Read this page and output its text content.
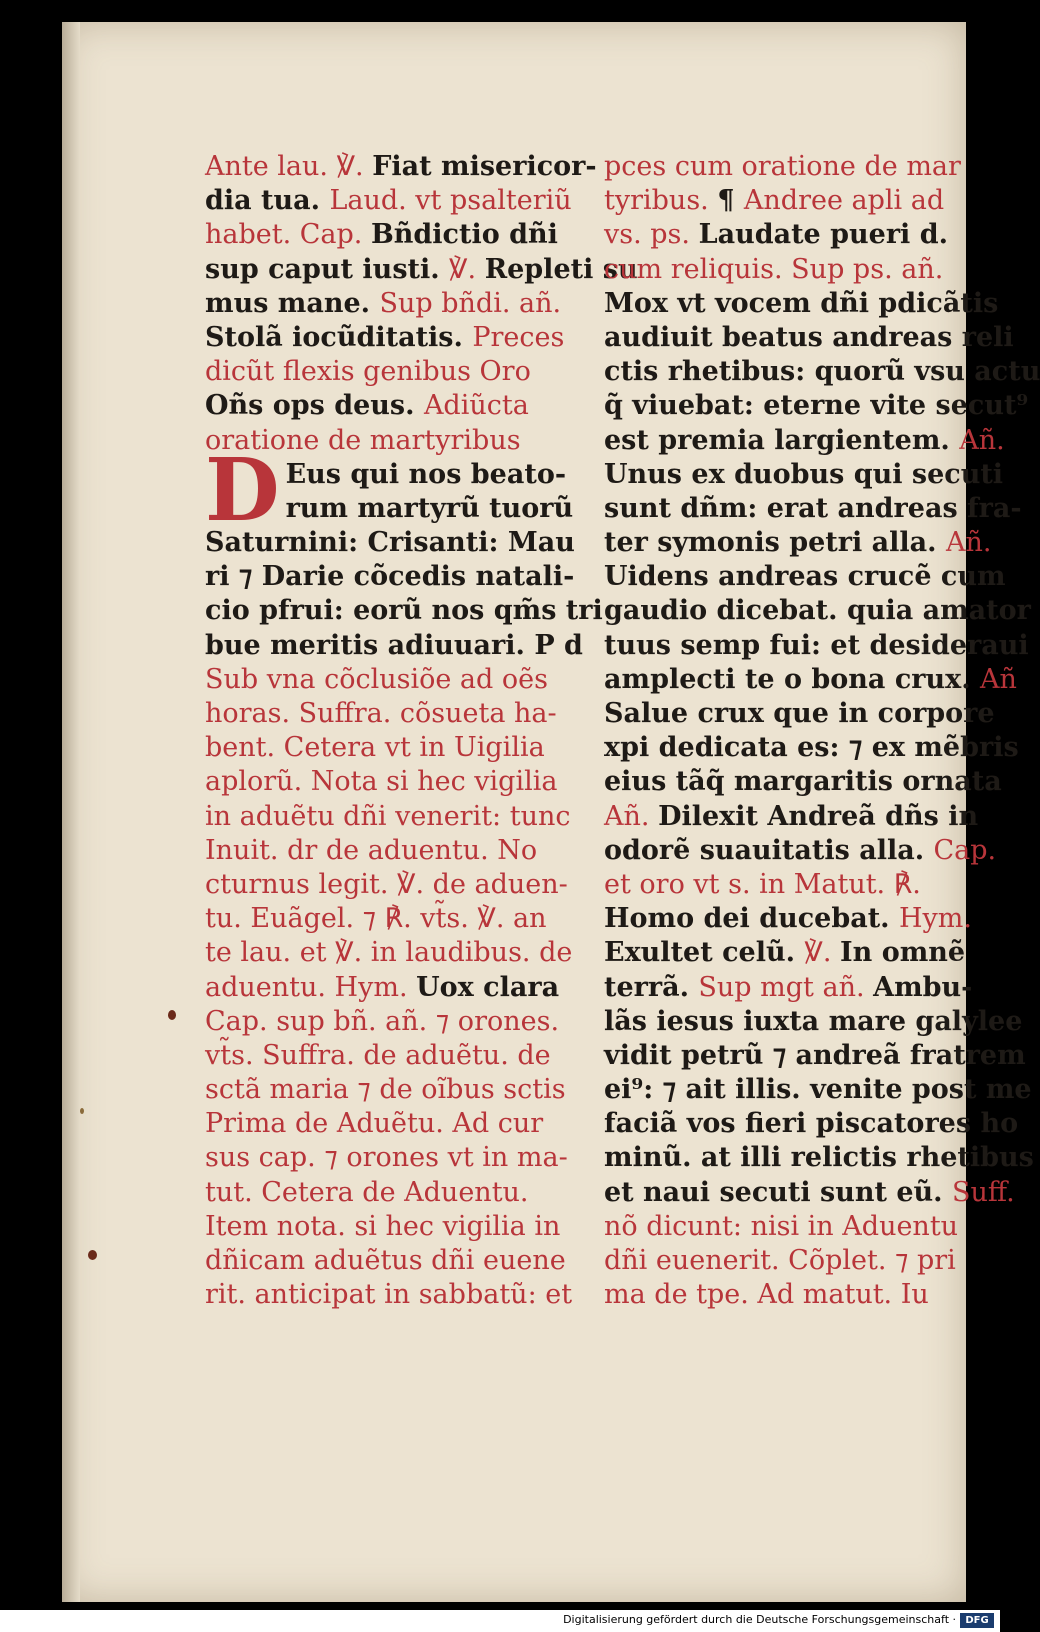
Ante lau. ℣. Fiat misericor-
dia tua. Laud. vt psalteriũ
habet. Cap. Bñdictio dñi
sup caput iusti. ℣. Repleti su
mus mane. Sup bñdi. añ.
Stolã iocũditatis. Preces
dicũt flexis genibus Oro
Oñs ops deus. Adiũcta
oratione de martyribus
D Eus qui nos beato-
rum martyrũ tuorũ
Saturnini: Crisanti: Mau
ri ⁊ Darie cõcedis natali-
cio pfrui: eorũ nos qm̃s tri
bue meritis adiuuari. P d
Sub vna cõclusiõe ad oẽs
horas. Suffra. cõsueta ha-
bent. Cetera vt in Uigilia
aplorũ. Nota si hec vigilia
in aduẽtu dñi venerit: tunc
Inuit. dr de aduentu. No
cturnus legit. ℣. de aduen-
tu. Euãgel. ⁊ ℟. vt̃s. ℣. an
te lau. et ℣. in laudibus. de
aduentu. Hym. Uox clara
Cap. sup bñ. añ. ⁊ orones.
vt̃s. Suffra. de aduẽtu. de
sctã maria ⁊ de oĩbus sctis
Prima de Aduẽtu. Ad cur
sus cap. ⁊ orones vt in ma-
tut. Cetera de Aduentu.
Item nota. si hec vigilia in
dñicam aduẽtus dñi euene
rit. anticipat in sabbatũ: et
pces cum oratione de mar
tyribus. ¶ Andree apli ad
vs. ps. Laudate pueri d.
cum reliquis. Sup ps. añ.
Mox vt vocem dñi pdicãtis
audiuit beatus andreas reli
ctis rhetibus: quorũ vsu actu
q̃ viuebat: eterne vite secut⁹
est premia largientem. Añ.
Unus ex duobus qui secuti
sunt dñm: erat andreas fra-
ter symonis petri alla. Añ.
Uidens andreas crucẽ cum
gaudio dicebat. quia amator
tuus semp fui: et desideraui
amplecti te o bona crux. Añ
Salue crux que in corpore
xpi dedicata es: ⁊ ex mẽbris
eius tãq̃ margaritis ornata
Añ. Dilexit Andreã dñs in
odorẽ suauitatis alla. Cap.
et oro vt s. in Matut. ℟.
Homo dei ducebat. Hym.
Exultet celũ. ℣. In omnẽ
terrã. Sup mgt añ. Ambu-
lãs iesus iuxta mare galylee
vidit petrũ ⁊ andreã fratrem
ei⁹: ⁊ ait illis. venite post me
faciã vos fieri piscatores ho
minũ. at illi relictis rhetibus
et naui secuti sunt eũ. Suff.
nõ dicunt: nisi in Aduentu
dñi euenerit. Cõplet. ⁊ pri
ma de tpe. Ad matut. Iu
Digitalisierung gefördert durch die Deutsche Forschungsgemeinschaft · DFG
